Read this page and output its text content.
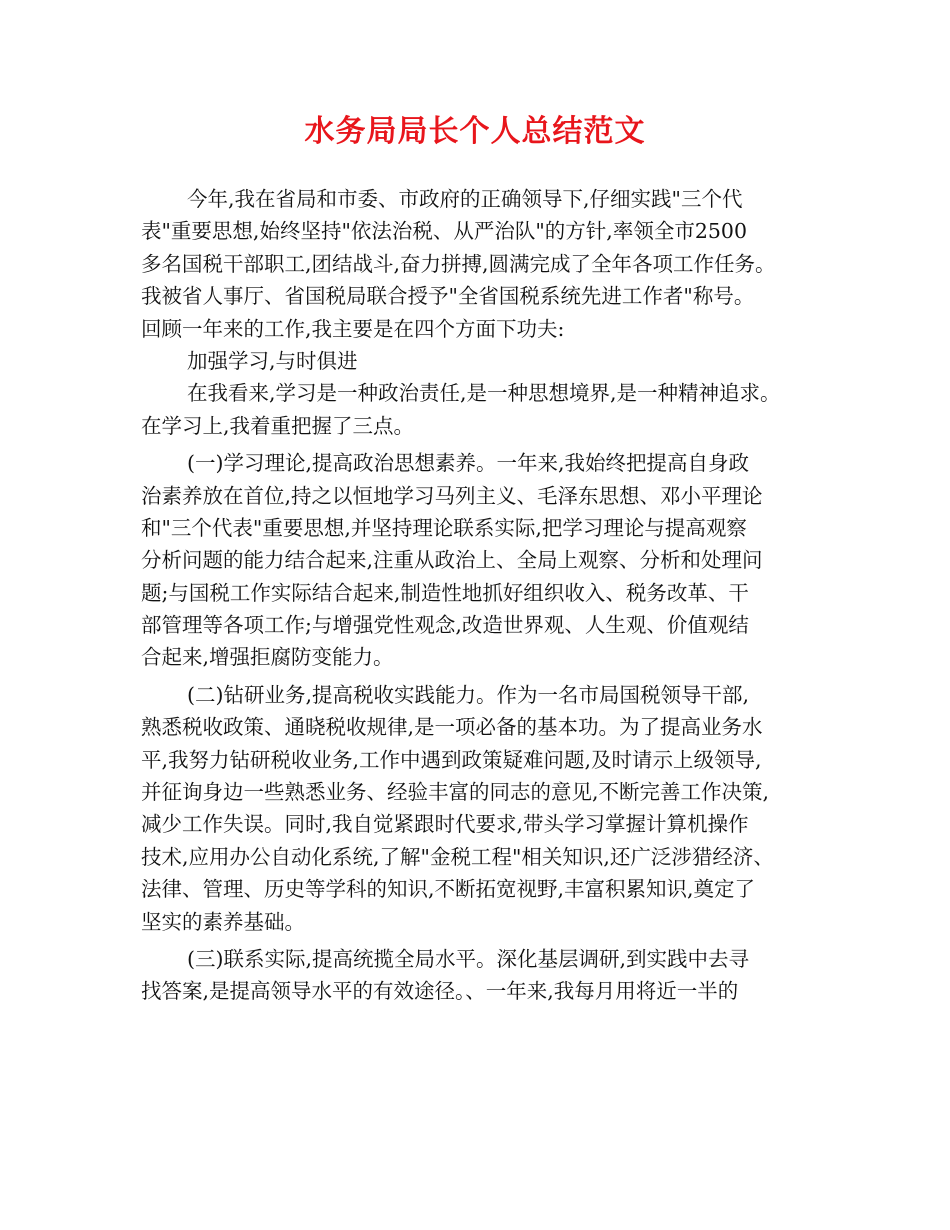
水务局局长个人总结范文
今年,我在省局和市委、市政府的正确领导下,仔细实践"三个代
表"重要思想,始终坚持"依法治税、从严治队"的方针,率领全市2500
多名国税干部职工,团结战斗,奋力拼搏,圆满完成了全年各项工作任务。
我被省人事厅、省国税局联合授予"全省国税系统先进工作者"称号。
回顾一年来的工作,我主要是在四个方面下功夫:
加强学习,与时俱进
在我看来,学习是一种政治责任,是一种思想境界,是一种精神追求。
在学习上,我着重把握了三点。
(一)学习理论,提高政治思想素养。一年来,我始终把提高自身政
治素养放在首位,持之以恒地学习马列主义、毛泽东思想、邓小平理论
和"三个代表"重要思想,并坚持理论联系实际,把学习理论与提高观察
分析问题的能力结合起来,注重从政治上、全局上观察、分析和处理问
题;与国税工作实际结合起来,制造性地抓好组织收入、税务改革、干
部管理等各项工作;与增强党性观念,改造世界观、人生观、价值观结
合起来,增强拒腐防变能力。
(二)钻研业务,提高税收实践能力。作为一名市局国税领导干部,
熟悉税收政策、通晓税收规律,是一项必备的基本功。为了提高业务水
平,我努力钻研税收业务,工作中遇到政策疑难问题,及时请示上级领导,
并征询身边一些熟悉业务、经验丰富的同志的意见,不断完善工作决策,
减少工作失误。同时,我自觉紧跟时代要求,带头学习掌握计算机操作
技术,应用办公自动化系统,了解"金税工程"相关知识,还广泛涉猎经济、
法律、管理、历史等学科的知识,不断拓宽视野,丰富积累知识,奠定了
坚实的素养基础。
(三)联系实际,提高统揽全局水平。深化基层调研,到实践中去寻
找答案,是提高领导水平的有效途径。、一年来,我每月用将近一半的
